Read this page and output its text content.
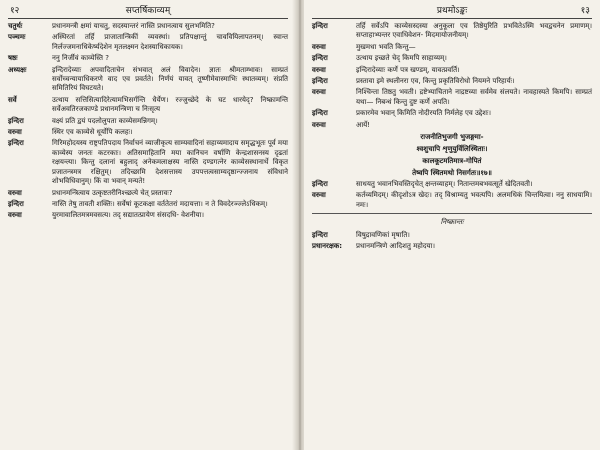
१२	सप्तर्षिकाव्यम्
चतुर्थः	प्रधानमन्त्री क्षमां याचतु, सदस्यान्तरं नास्ति प्रधानत्वाय सुलभमिति?
पञ्चमः	अस्थिरतां तर्हि प्राजातान्त्रिकीं व्यवस्थां। प्रतिपक्षान्तुं चाववियिलापतनम्। स्वान्त निर्लज्जमनाधिकेर्ष्यदेशेन मृतलक्ष्मन देशस्याधिकायक।
षष्ठः	ननु निर्जीवं काव्येस्ति ?
अध्यक्षः	इन्दिरादेव्याः अपवादिताचेन संभवात् अलं विवादेन। ज्ञातः श्रीमताम्भावः। साम्प्रतं सर्वोच्चन्यायाधिकरणे वाद एव प्रवर्तते। निर्णयं यावत् तूष्णीमेवास्माभिः स्थातव्यम्। संप्रति समितिरियं विघटयते।
सर्वे	उत्थाय सत्तिसित्यादिरेत्यामभिसर्गन्ति धैर्येण। रज्जुच्छेदे के घट धारयेद्? निष्क्रामन्ति सर्वेअवतिरजकाण्डे प्रधानमन्त्रिणा च निःसृत्य
इन्दिरा	वक्ष्यं प्रति द्वयं पदलोलुपता काव्येसमन्निगम्।
वरुवा	स्थिर एव काव्येसे धूर्योपि कलहः।
इन्दिरा	गिरिमहोदयस्य राष्ट्रपतिपदाय निर्वाचनं व्याजीकृत्य साम्यवादिनां सहाय्यमादाय समृद्धभूतः पूर्व मया काव्येस्य जनतः कटरकाः। अतिसमाहितानि मया कानिचन वर्षाणि केन्द्रशासनस्य दृढतां रक्षयन्त्या। किन्तु दलानां बहुलाद् अनेकमलाक्षस्य नास्ति दण्डगत्नेर काव्येसस्थानार्थे विकृत प्रजातन्त्रमत्र रक्षितुम्। तदिच्छामि देशसत्तास्य उपपत्तत्वसाम्यदृष्ठान्ज्जनाय संविधाने शोभविधिवानुम्। किं वा भवान् मन्यते!
वरुवा	प्रधानमन्त्रित्वाय उत्कृष्टतरीनिश्च्छत्ये चेत् प्रस्तावः?
इन्दिरा	नास्ति तेषु तावती शक्तिः। सर्वेषां कूटकक्षा वर्ततेतरां मदायत्ता। न ते विवदेरञ्ज्लेऽधिकम्।
वरुवा	युरमावालितमत्रमवसत्य। तद् सद्यातत्प्रायेण संसदधि- वेशनीया।
प्रथमोऽङ्कः	१३
इन्दिरा	तर्हि सर्वेऽपि काव्येसस्दस्या अनुकूला एव तिष्ठेयुरिति प्रभवितेऽस्मि भवद्वचनेन प्रमाणम्। सप्ताहाभ्यन्तर एवाधिवेशन- मिदमायोजनीयम्।
वरुवा	मुखमधा भवति किन्तु—
इन्दिरा	उत्थाय इच्छते चेद् किमपि साहाय्यम्।
वरुवा	इन्दिरादेव्याः कर्णे पत्र खण्डम्, यावत्प्रवर्ति।
इन्दिरा	प्रस्तावा इमे स्थलीनरा एव, किन्तु प्रकृतिविरोधो नियमने परिहार्यः।
वरुवा	निश्चिन्ता तिष्ठतु भवती। द्रष्टेभ्याचिताने नाद्रष्टव्या सर्वमेव संलयते। नावहास्यते किमपि। साम्प्रतं यथा— निबन्धं किन्तु दुष्ट कर्णे अपति।
इन्दिरा	प्रकारमेव भवान् किमिति नोदीरयति निर्मलेह एव उद्देशः।
वरुवा	आर्ये!
राजनीतिभुजगी भुजङ्गमा-
श्वशुचापि शृणुयुर्विलिस्थिताः।
कालकूटमतिमात्र-गोपितं
तेष्वपि स्थितमथो निसर्गतः॥१७॥
इन्दिरा	साधयतु भवानभिवस्तिदृचेत् क्षन्तव्याहम्। नितान्तमबभवत्सूर्ते खेदितवती।
वरुवा	कर्तव्यमिदम्। कीदृशोऽत्र खेदः। तद् विश्राम्यतु भवत्यपि। अलमधिकं चिन्तयित्वा। ननु साधयामि। नमः।
निष्क्रान्तः
इन्दिरा	विषुद्रावणिकां मृषाति।
प्रधानरक्षक:	प्रधानमन्त्रिणे आदिशतु महोदया।
